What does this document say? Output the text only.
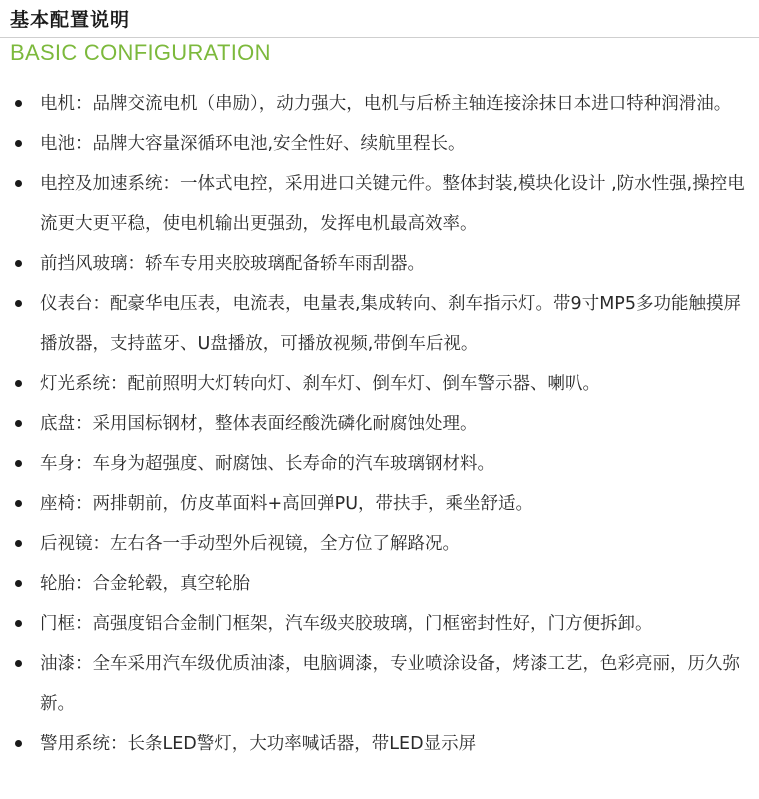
基本配置说明
BASIC CONFIGURATION
电机：品牌交流电机（串励），动力强大，电机与后桥主轴连接涂抹日本进口特种润滑油。
电池：品牌大容量深循环电池,安全性好、续航里程长。
电控及加速系统：一体式电控，采用进口关键元件。整体封装,模块化设计 ,防水性强,操控电流更大更平稳，使电机输出更强劲，发挥电机最高效率。
前挡风玻璃：轿车专用夹胶玻璃配备轿车雨刮器。
仪表台：配豪华电压表，电流表，电量表,集成转向、刹车指示灯。带9寸MP5多功能触摸屏播放器，支持蓝牙、U盘播放，可播放视频,带倒车后视。
灯光系统：配前照明大灯转向灯、刹车灯、倒车灯、倒车警示器、喇叭。
底盘：采用国标钢材，整体表面经酸洗磷化耐腐蚀处理。
车身：车身为超强度、耐腐蚀、长寿命的汽车玻璃钢材料。
座椅：两排朝前，仿皮革面料+高回弹PU，带扶手，乘坐舒适。
后视镜：左右各一手动型外后视镜，全方位了解路况。
轮胎：合金轮毂，真空轮胎
门框：高强度铝合金制门框架，汽车级夹胶玻璃，门框密封性好，门方便拆卸。
油漆：全车采用汽车级优质油漆，电脑调漆，专业喷涂设备，烤漆工艺，色彩亮丽，历久弥新。
警用系统：长条LED警灯，大功率喊话器，带LED显示屏
